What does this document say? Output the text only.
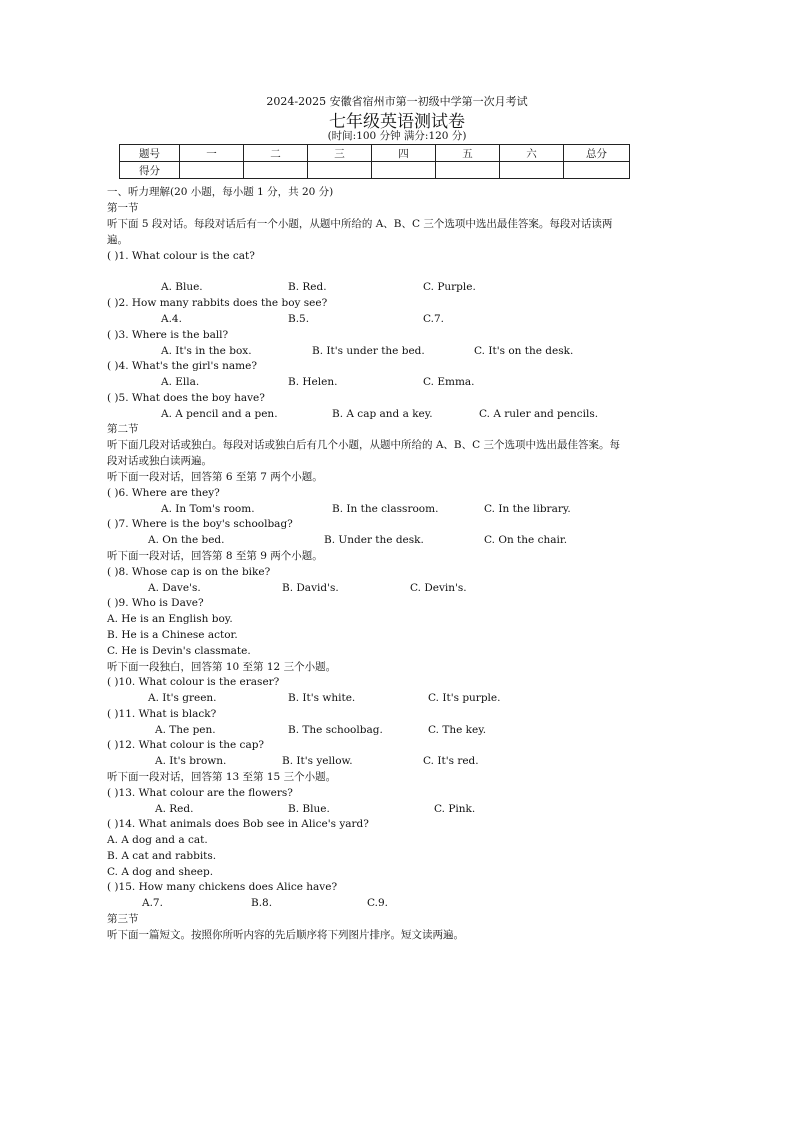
2024-2025 安徽省宿州市第一初级中学第一次月考试
七年级英语测试卷
(时间:100 分钟 满分:120 分)
题号	一	二	三	四	五	六	总分
得分							
一、听力理解(20 小题，每小题 1 分，共 20 分)
第一节
听下面 5 段对话。每段对话后有一个小题，从题中所给的 A、B、C 三个选项中选出最佳答案。每段对话读两
遍。
( )1. What colour is the cat?
A. Blue.	B. Red.	C. Purple.
( )2. How many rabbits does the boy see?
A.4.	B.5.	C.7.
( )3. Where is the ball?
A. It's in the box.	B. It's under the bed.	C. It's on the desk.
( )4. What's the girl's name?
A. Ella.	B. Helen.	C. Emma.
( )5. What does the boy have?
A. A pencil and a pen.	B. A cap and a key.	C. A ruler and pencils.
第二节
听下面几段对话或独白。每段对话或独白后有几个小题，从题中所给的 A、B、C 三个选项中选出最佳答案。每
段对话或独白读两遍。
听下面一段对话，回答第 6 至第 7 两个小题。
( )6. Where are they?
A. In Tom's room.	B. In the classroom.	C. In the library.
( )7. Where is the boy's schoolbag?
A. On the bed.	B. Under the desk.	C. On the chair.
听下面一段对话，回答第 8 至第 9 两个小题。
( )8. Whose cap is on the bike?
A. Dave's.	B. David's.	C. Devin's.
( )9. Who is Dave?
A. He is an English boy.
B. He is a Chinese actor.
C. He is Devin's classmate.
听下面一段独白，回答第 10 至第 12 三个小题。
( )10. What colour is the eraser?
A. It's green.	B. It's white.	C. It's purple.
( )11. What is black?
A. The pen.	B. The schoolbag.	C. The key.
( )12. What colour is the cap?
A. It's brown.	B. It's yellow.	C. It's red.
听下面一段对话，回答第 13 至第 15 三个小题。
( )13. What colour are the flowers?
A. Red.	B. Blue.	C. Pink.
( )14. What animals does Bob see in Alice's yard?
A. A dog and a cat.
B. A cat and rabbits.
C. A dog and sheep.
( )15. How many chickens does Alice have?
A.7.	B.8.	C.9.
第三节
听下面一篇短文。按照你所听内容的先后顺序将下列图片排序。短文读两遍。
